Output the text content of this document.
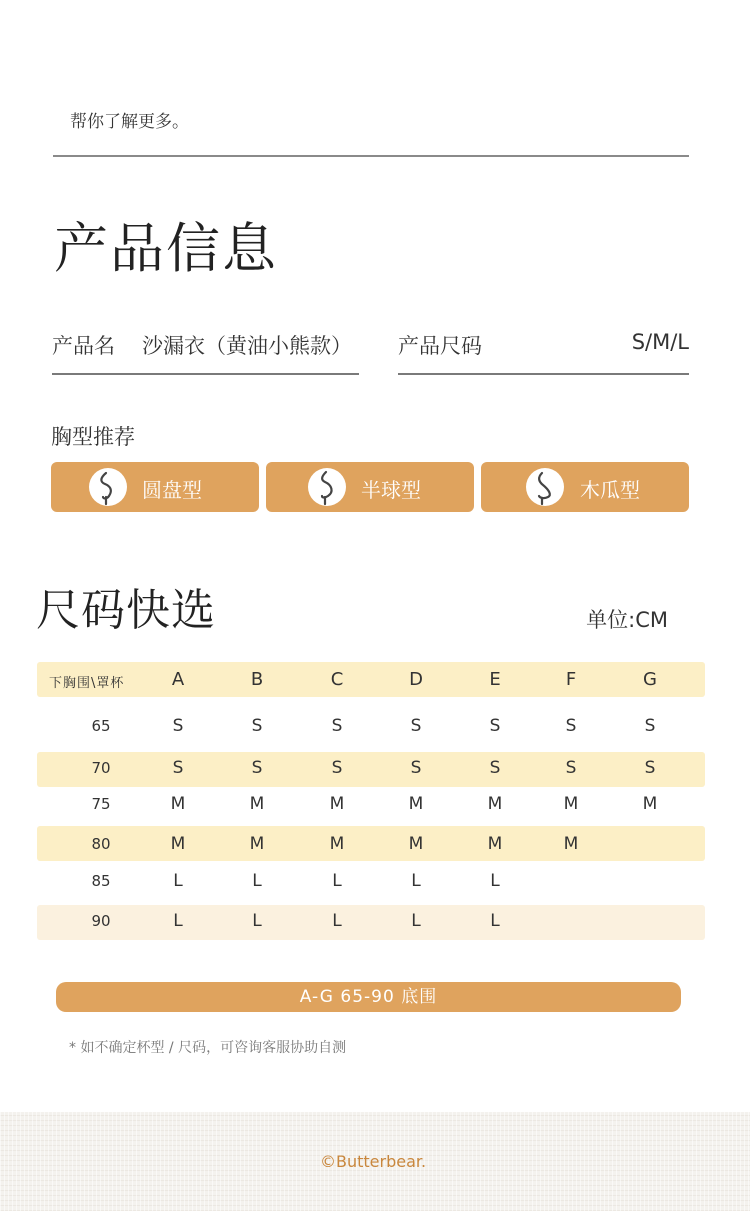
帮你了解更多。
产品信息
产品名 沙漏衣（黄油小熊款） 产品尺码	S/M/L
胸型推荐
圆盘型	半球型	木瓜型
尺码快选	单位:CM
下胸围\罩杯	A	B	C	D	E	F	G
65	S	S	S	S	S	S	S
70	S	S	S	S	S	S	S
75	M	M	M	M	M	M	M
80	M	M	M	M	M	M
85	L	L	L	L	L
90	L	L	L	L	L
A-G 65-90 底围
* 如不确定杯型 / 尺码，可咨询客服协助自测
©Butterbear.
